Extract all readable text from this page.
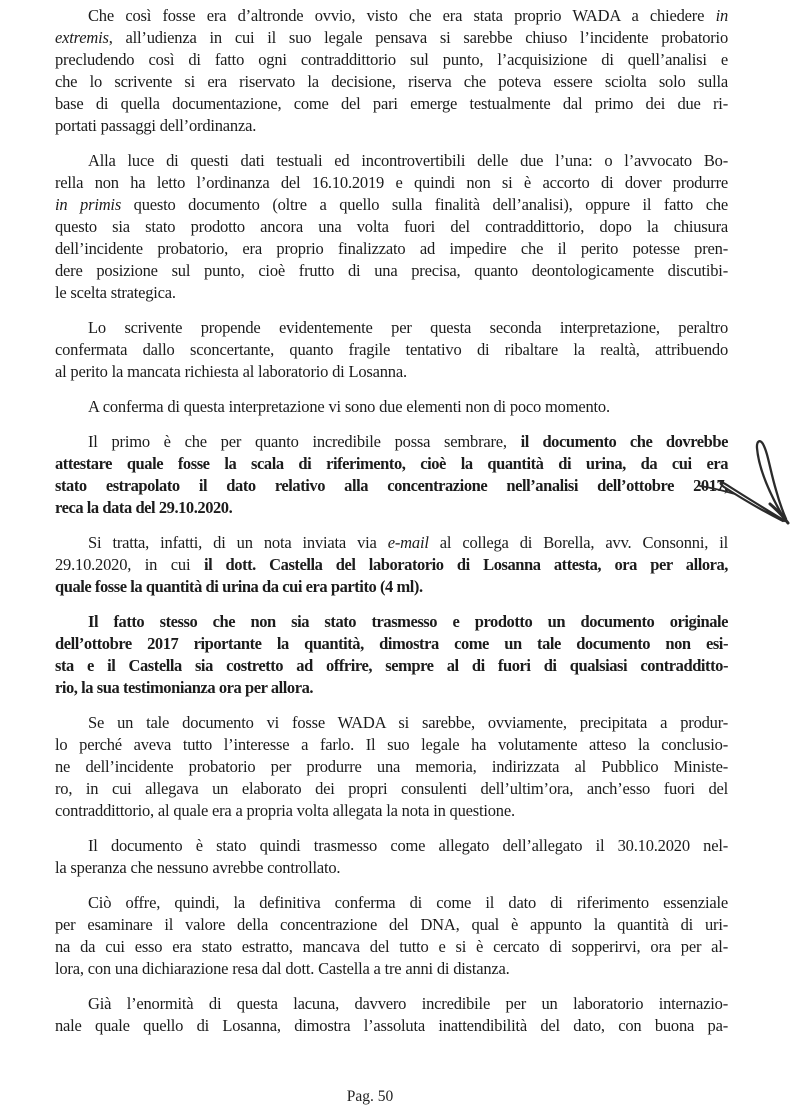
Che così fosse era d’altronde ovvio, visto che era stata proprio WADA a chiedere in
extremis, all’udienza in cui il suo legale pensava si sarebbe chiuso l’incidente probatorio
precludendo così di fatto ogni contraddittorio sul punto, l’acquisizione di quell’analisi e
che lo scrivente si era riservato la decisione, riserva che poteva essere sciolta solo sulla
base di quella documentazione, come del pari emerge testualmente dal primo dei due ri-
portati passaggi dell’ordinanza.
Alla luce di questi dati testuali ed incontrovertibili delle due l’una: o l’avvocato Bo-
rella non ha letto l’ordinanza del 16.10.2019 e quindi non si è accorto di dover produrre
in primis questo documento (oltre a quello sulla finalità dell’analisi), oppure il fatto che
questo sia stato prodotto ancora una volta fuori del contraddittorio, dopo la chiusura
dell’incidente probatorio, era proprio finalizzato ad impedire che il perito potesse pren-
dere posizione sul punto, cioè frutto di una precisa, quanto deontologicamente discutibi-
le scelta strategica.
Lo scrivente propende evidentemente per questa seconda interpretazione, peraltro
confermata dallo sconcertante, quanto fragile tentativo di ribaltare la realtà, attribuendo
al perito la mancata richiesta al laboratorio di Losanna.
A conferma di questa interpretazione vi sono due elementi non di poco momento.
Il primo è che per quanto incredibile possa sembrare, il documento che dovrebbe
attestare quale fosse la scala di riferimento, cioè la quantità di urina, da cui era
stato estrapolato il dato relativo alla concentrazione nell’analisi dell’ottobre 2017,
reca la data del 29.10.2020.
Si tratta, infatti, di un nota inviata via e-mail al collega di Borella, avv. Consonni, il
29.10.2020, in cui il dott. Castella del laboratorio di Losanna attesta, ora per allora,
quale fosse la quantità di urina da cui era partito (4 ml).
Il fatto stesso che non sia stato trasmesso e prodotto un documento originale
dell’ottobre 2017 riportante la quantità, dimostra come un tale documento non esi-
sta e il Castella sia costretto ad offrire, sempre al di fuori di qualsiasi contradditto-
rio, la sua testimonianza ora per allora.
Se un tale documento vi fosse WADA si sarebbe, ovviamente, precipitata a produr-
lo perché aveva tutto l’interesse a farlo. Il suo legale ha volutamente atteso la conclusio-
ne dell’incidente probatorio per produrre una memoria, indirizzata al Pubblico Ministe-
ro, in cui allegava un elaborato dei propri consulenti dell’ultim’ora, anch’esso fuori del
contraddittorio, al quale era a propria volta allegata la nota in questione.
Il documento è stato quindi trasmesso come allegato dell’allegato il 30.10.2020 nel-
la speranza che nessuno avrebbe controllato.
Ciò offre, quindi, la definitiva conferma di come il dato di riferimento essenziale
per esaminare il valore della concentrazione del DNA, qual è appunto la quantità di uri-
na da cui esso era stato estratto, mancava del tutto e si è cercato di sopperirvi, ora per al-
lora, con una dichiarazione resa dal dott. Castella a tre anni di distanza.
Già l’enormità di questa lacuna, davvero incredibile per un laboratorio internazio-
nale quale quello di Losanna, dimostra l’assoluta inattendibilità del dato, con buona pa-
Pag. 50
